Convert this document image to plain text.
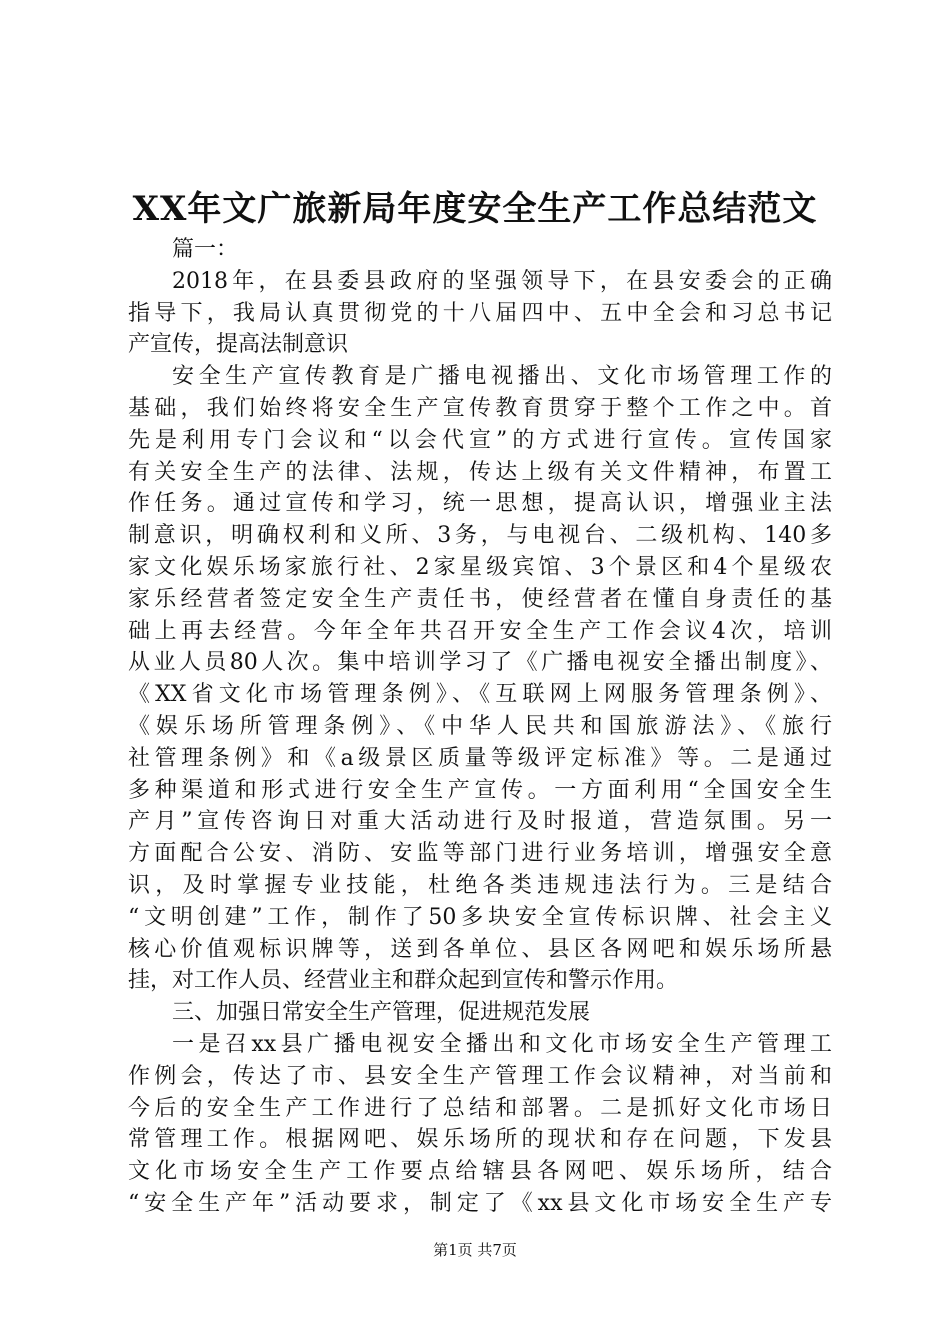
XX年文广旅新局年度安全生产工作总结范文
篇一：
2018年，在县委县政府的坚强领导下，在县安委会的正确
指导下，我局认真贯彻党的十八届四中、五中全会和习总书记
产宣传，提高法制意识
安全生产宣传教育是广播电视播出、文化市场管理工作的
基础，我们始终将安全生产宣传教育贯穿于整个工作之中。首
先是利用专门会议和“以会代宣”的方式进行宣传。宣传国家
有关安全生产的法律、法规，传达上级有关文件精神，布置工
作任务。通过宣传和学习，统一思想，提高认识，增强业主法
制意识，明确权利和义所、3务，与电视台、二级机构、140多
家文化娱乐场家旅行社、2家星级宾馆、3个景区和4个星级农
家乐经营者签定安全生产责任书，使经营者在懂自身责任的基
础上再去经营。今年全年共召开安全生产工作会议4次，培训
从业人员80人次。集中培训学习了《广播电视安全播出制度》、
《XX省文化市场管理条例》、《互联网上网服务管理条例》、
《娱乐场所管理条例》、《中华人民共和国旅游法》、《旅行
社管理条例》和《a级景区质量等级评定标准》等。二是通过
多种渠道和形式进行安全生产宣传。一方面利用“全国安全生
产月”宣传咨询日对重大活动进行及时报道，营造氛围。另一
方面配合公安、消防、安监等部门进行业务培训，增强安全意
识，及时掌握专业技能，杜绝各类违规违法行为。三是结合
“文明创建”工作，制作了50多块安全宣传标识牌、社会主义
核心价值观标识牌等，送到各单位、县区各网吧和娱乐场所悬
挂，对工作人员、经营业主和群众起到宣传和警示作用。
三、加强日常安全生产管理，促进规范发展
一是召xx县广播电视安全播出和文化市场安全生产管理工
作例会，传达了市、县安全生产管理工作会议精神，对当前和
今后的安全生产工作进行了总结和部署。二是抓好文化市场日
常管理工作。根据网吧、娱乐场所的现状和存在问题，下发县
文化市场安全生产工作要点给辖县各网吧、娱乐场所，结合
“安全生产年”活动要求，制定了《xx县文化市场安全生产专
第1页 共7页
